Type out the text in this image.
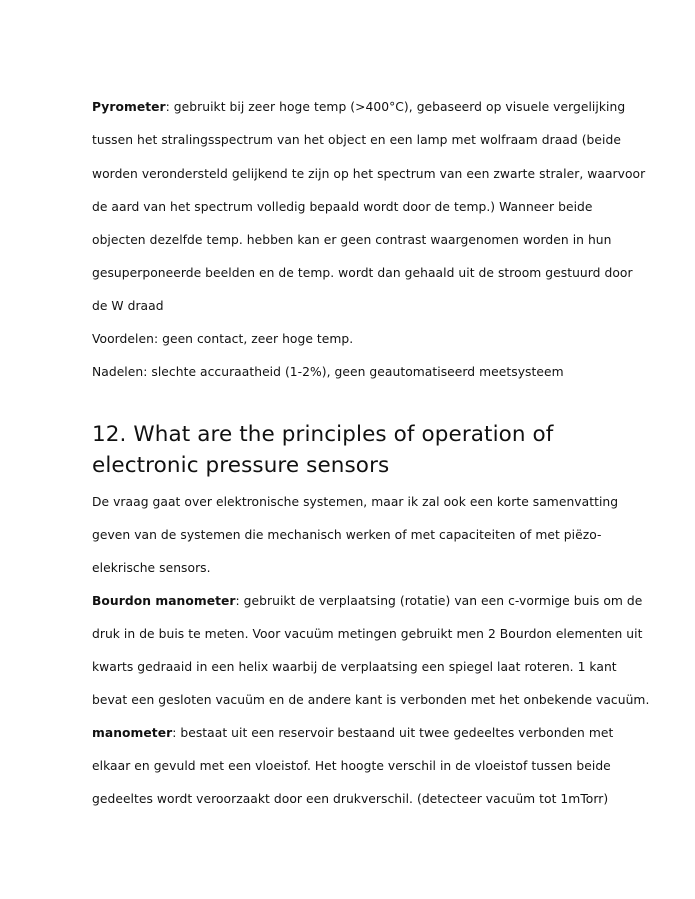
Pyrometer: gebruikt bij zeer hoge temp (>400°C), gebaseerd op visuele vergelijking
tussen het stralingsspectrum van het object en een lamp met wolfraam draad (beide
worden verondersteld gelijkend te zijn op het spectrum van een zwarte straler, waarvoor
de aard van het spectrum volledig bepaald wordt door de temp.) Wanneer beide
objecten dezelfde temp. hebben kan er geen contrast waargenomen worden in hun
gesuperponeerde beelden en de temp. wordt dan gehaald uit de stroom gestuurd door
de W draad
Voordelen: geen contact, zeer hoge temp.
Nadelen: slechte accuraatheid (1-2%), geen geautomatiseerd meetsysteem
12. What are the principles of operation of
electronic pressure sensors
De vraag gaat over elektronische systemen, maar ik zal ook een korte samenvatting
geven van de systemen die mechanisch werken of met capaciteiten of met piëzo-
elekrische sensors.
Bourdon manometer: gebruikt de verplaatsing (rotatie) van een c-vormige buis om de
druk in de buis te meten. Voor vacuüm metingen gebruikt men 2 Bourdon elementen uit
kwarts gedraaid in een helix waarbij de verplaatsing een spiegel laat roteren. 1 kant
bevat een gesloten vacuüm en de andere kant is verbonden met het onbekende vacuüm.
manometer: bestaat uit een reservoir bestaand uit twee gedeeltes verbonden met
elkaar en gevuld met een vloeistof. Het hoogte verschil in de vloeistof tussen beide
gedeeltes wordt veroorzaakt door een drukverschil. (detecteer vacuüm tot 1mTorr)
